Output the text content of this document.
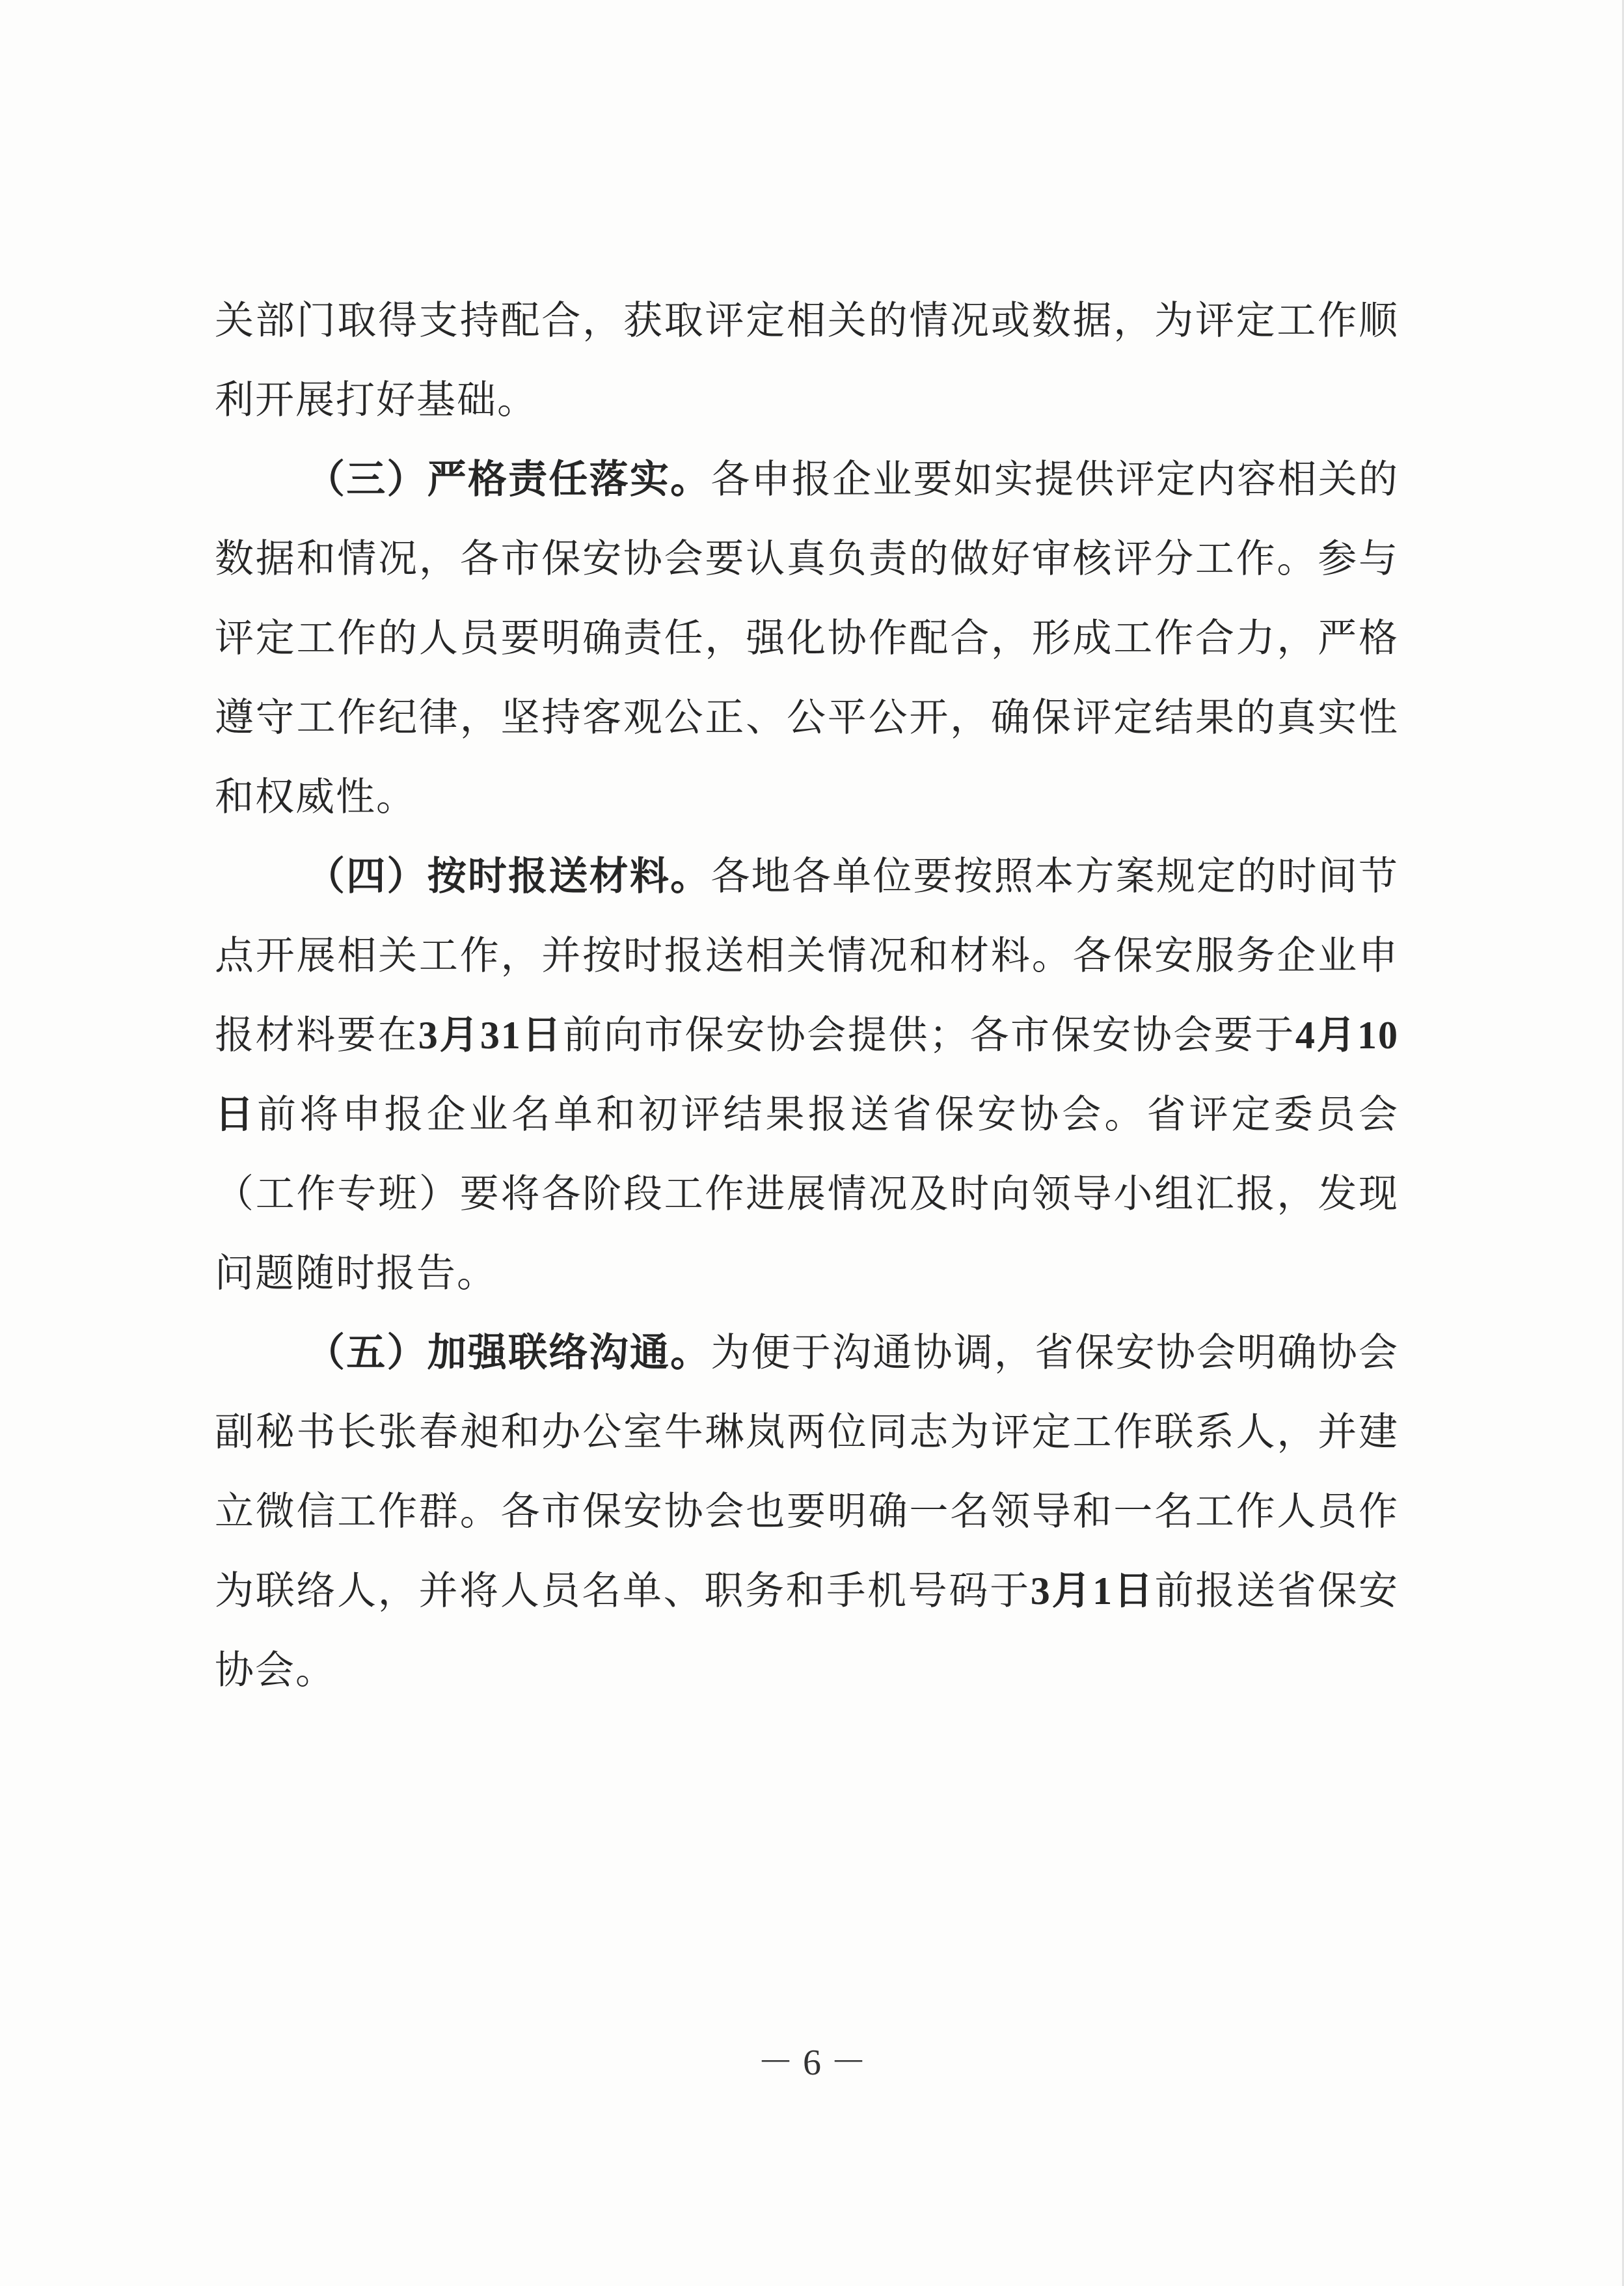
关部门取得支持配合，获取评定相关的情况或数据，为评定工作顺利开展打好基础。

（三）严格责任落实。各申报企业要如实提供评定内容相关的数据和情况，各市保安协会要认真负责的做好审核评分工作。参与评定工作的人员要明确责任，强化协作配合，形成工作合力，严格遵守工作纪律，坚持客观公正、公平公开，确保评定结果的真实性和权威性。

（四）按时报送材料。各地各单位要按照本方案规定的时间节点开展相关工作，并按时报送相关情况和材料。各保安服务企业申报材料要在3月31日前向市保安协会提供；各市保安协会要于4月10日前将申报企业名单和初评结果报送省保安协会。省评定委员会（工作专班）要将各阶段工作进展情况及时向领导小组汇报，发现问题随时报告。

（五）加强联络沟通。为便于沟通协调，省保安协会明确协会副秘书长张春昶和办公室牛琳岚两位同志为评定工作联系人，并建立微信工作群。各市保安协会也要明确一名领导和一名工作人员作为联络人，并将人员名单、职务和手机号码于3月1日前报送省保安协会。

－ 6 －
